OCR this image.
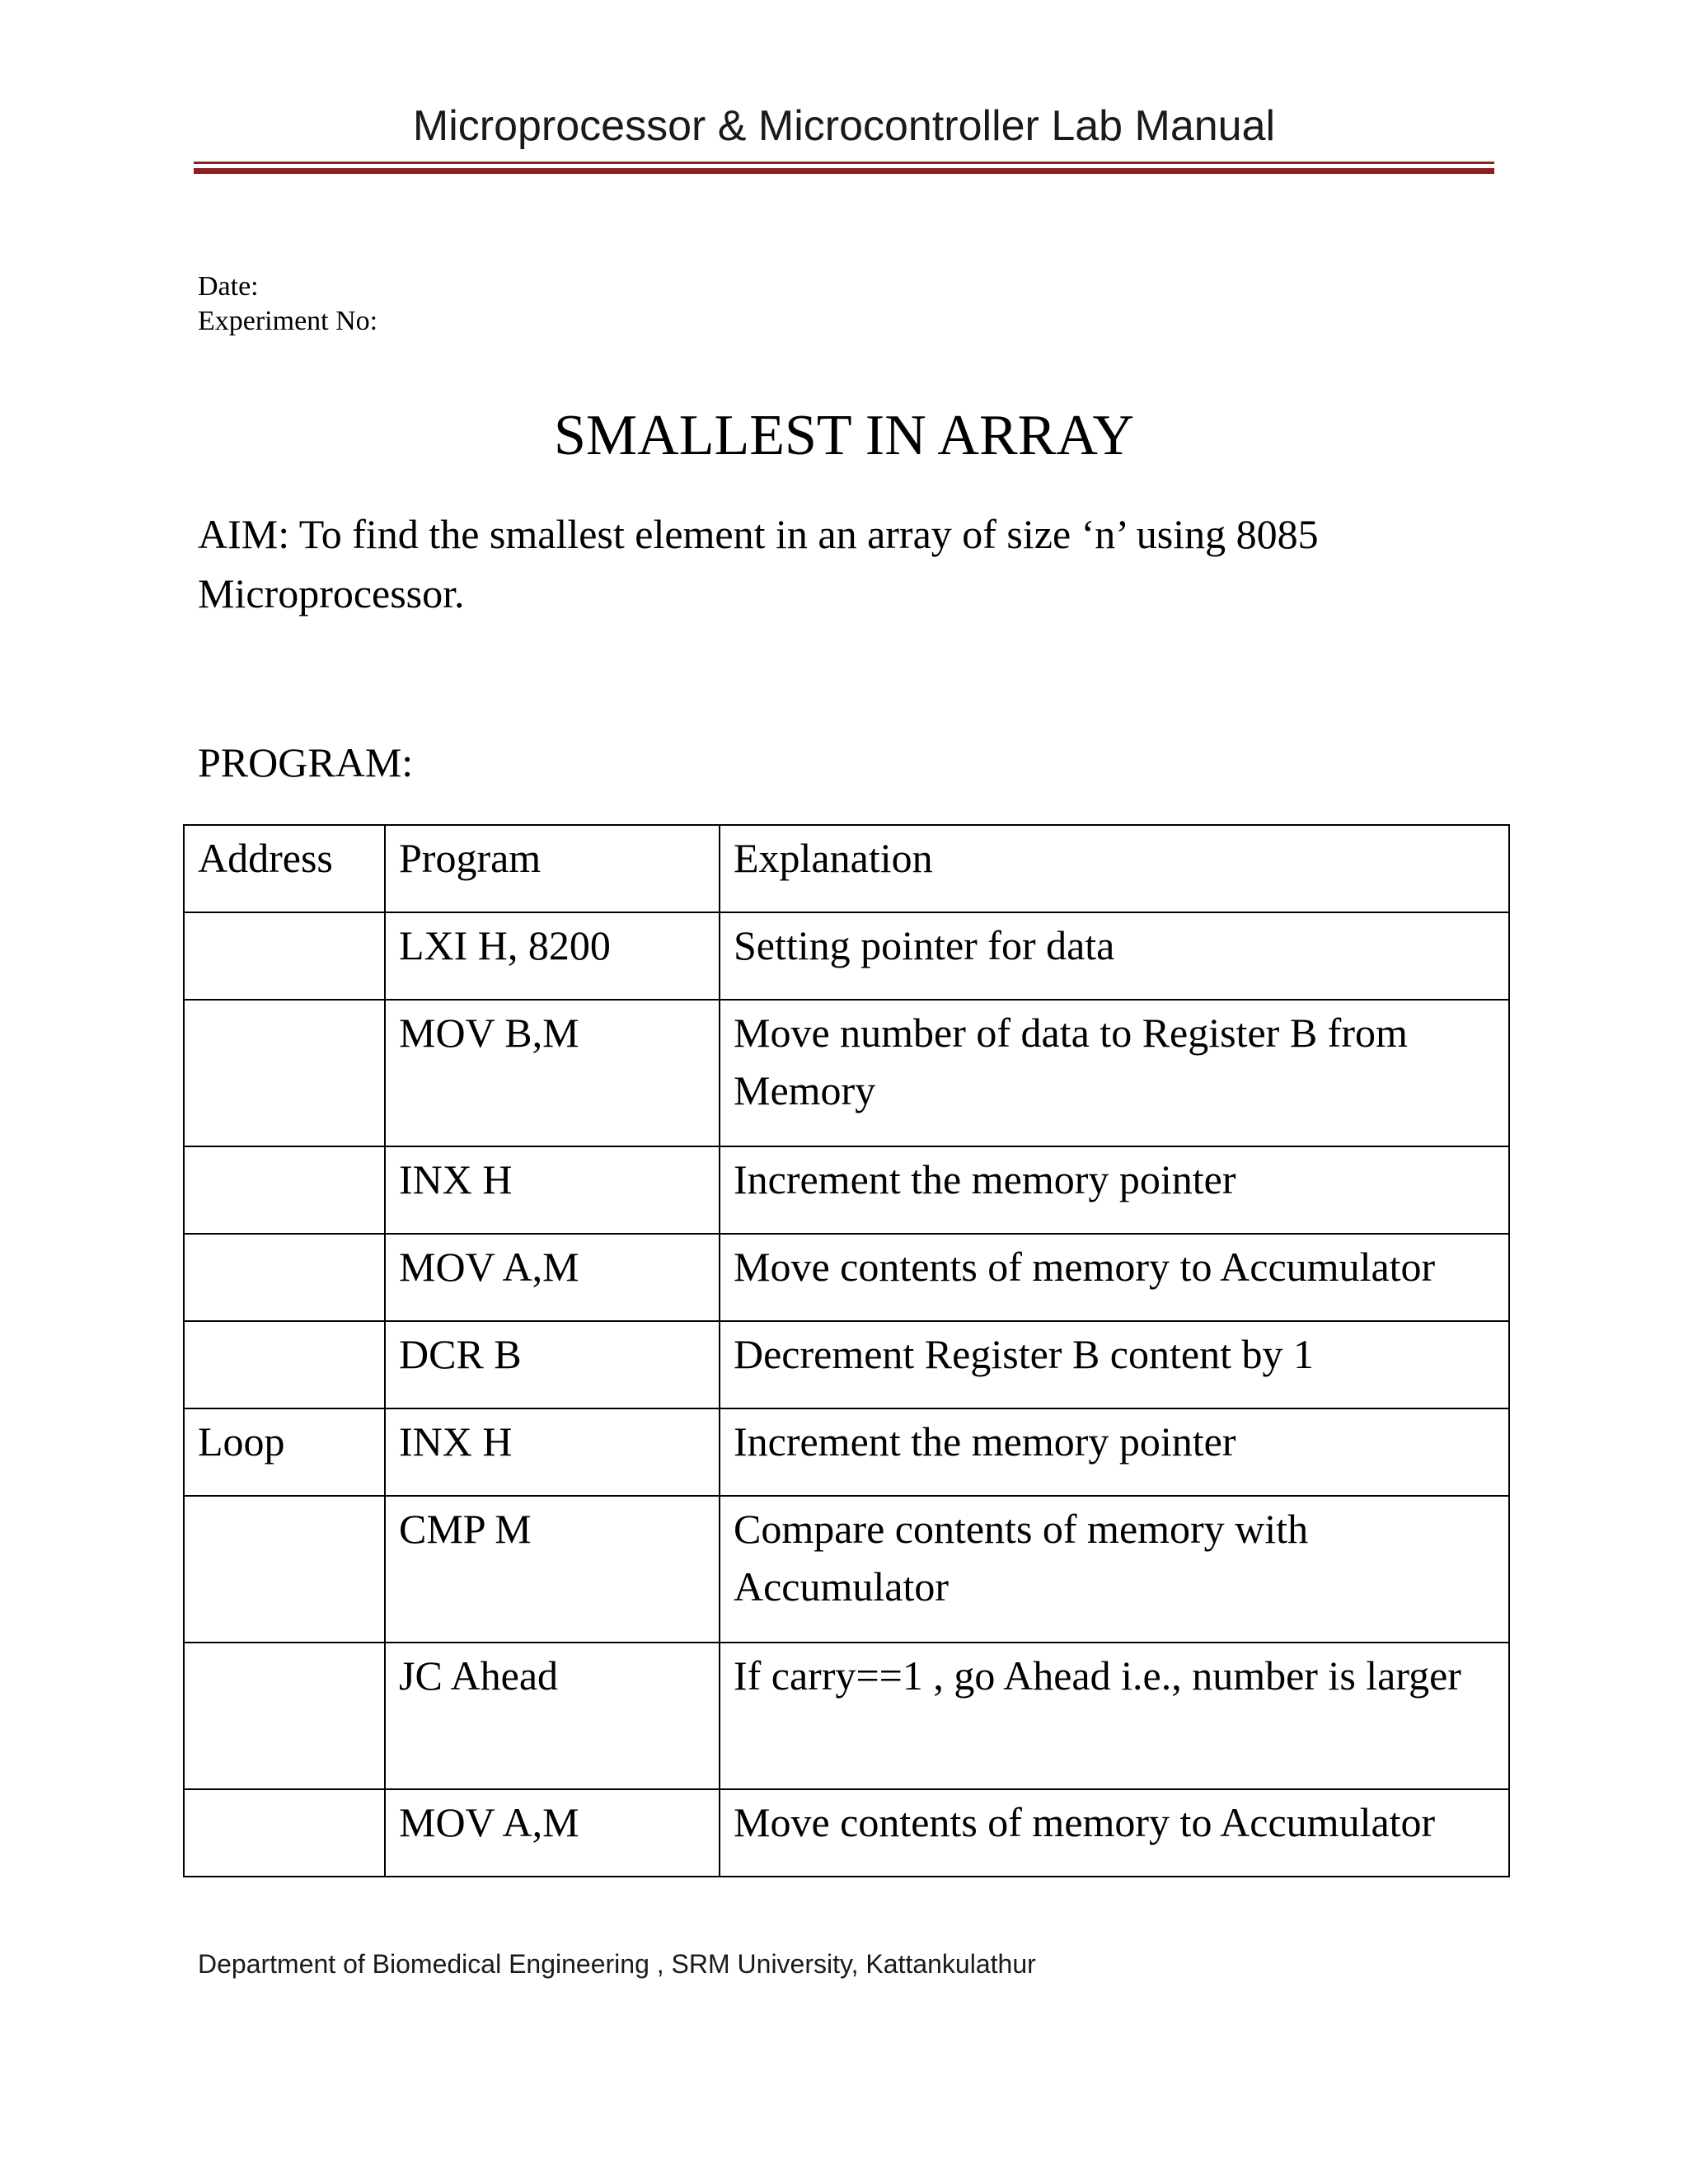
Microprocessor & Microcontroller Lab Manual
Date:
Experiment No:
SMALLEST IN ARRAY
AIM: To find the smallest element in an array of size ‘n’ using 8085 Microprocessor.
PROGRAM:
Address	Program	Explanation
	LXI H, 8200	Setting pointer for data
	MOV B,M	Move number of data to Register B from Memory
	INX H	Increment the memory pointer
	MOV A,M	Move contents of memory to Accumulator
	DCR B	Decrement Register B content by 1
Loop	INX H	Increment the memory pointer
	CMP M	Compare contents of memory with Accumulator
	JC Ahead	If carry==1 , go Ahead i.e., number is larger
	MOV A,M	Move contents of memory to Accumulator
Department of Biomedical Engineering , SRM University, Kattankulathur
